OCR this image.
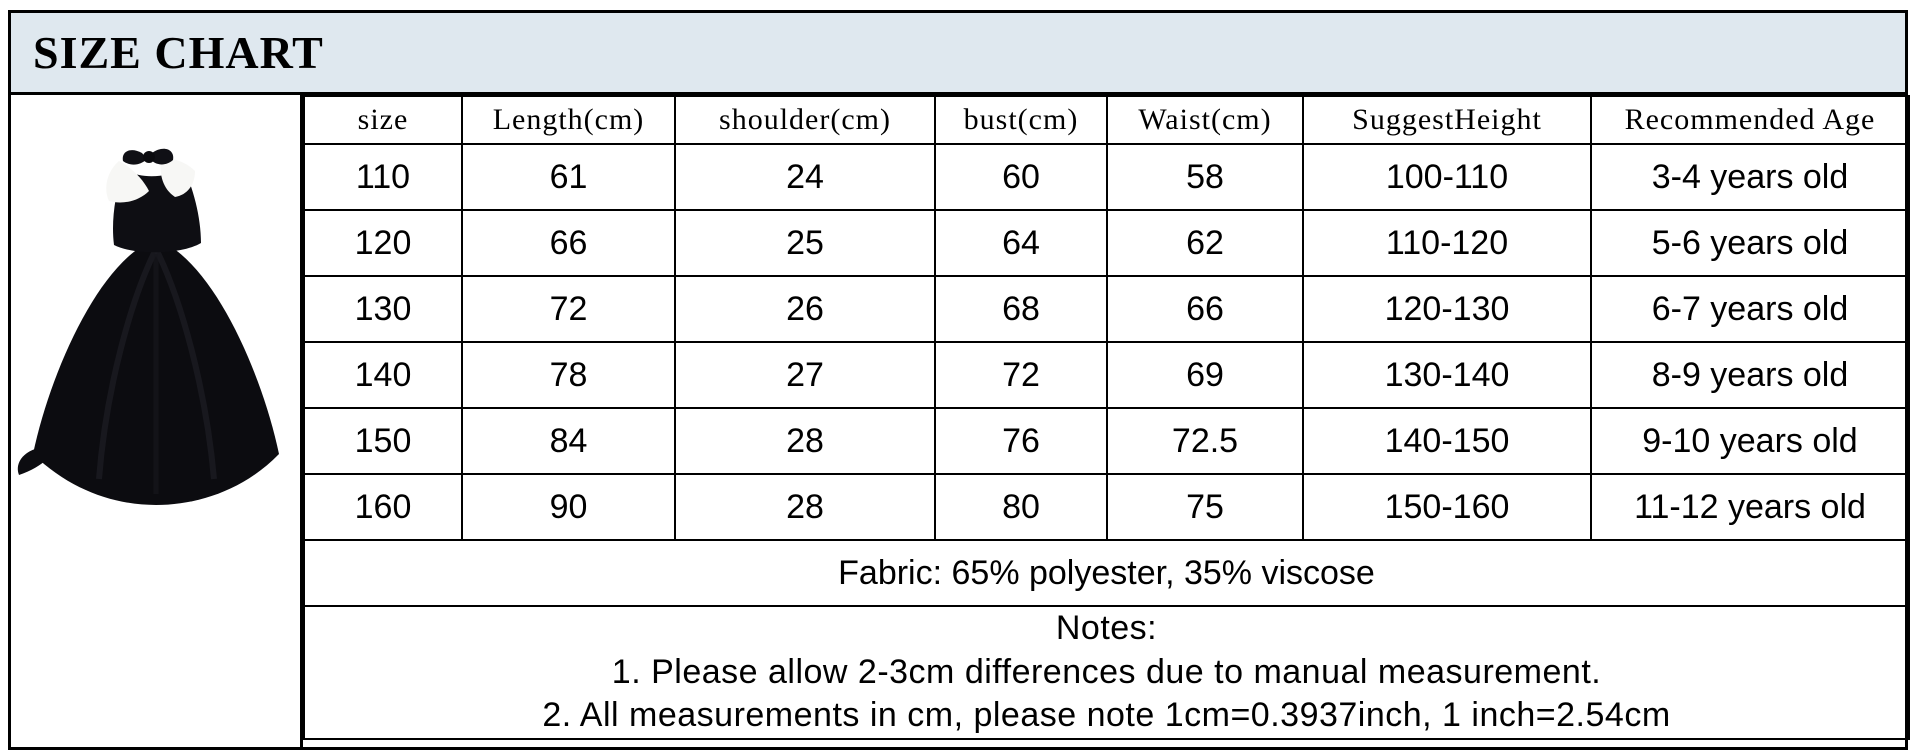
SIZE CHART
size	Length(cm)	shoulder(cm)	bust(cm)	Waist(cm)	SuggestHeight	Recommended Age
110	61	24	60	58	100-110	3-4 years old
120	66	25	64	62	110-120	5-6 years old
130	72	26	68	66	120-130	6-7 years old
140	78	27	72	69	130-140	8-9 years old
150	84	28	76	72.5	140-150	9-10 years old
160	90	28	80	75	150-160	11-12 years old
Fabric: 65% polyester, 35% viscose						

Notes:
1. Please allow 2-3cm differences due to manual measurement.
2. All measurements in cm, please note 1cm=0.3937inch, 1 inch=2.54cm						
